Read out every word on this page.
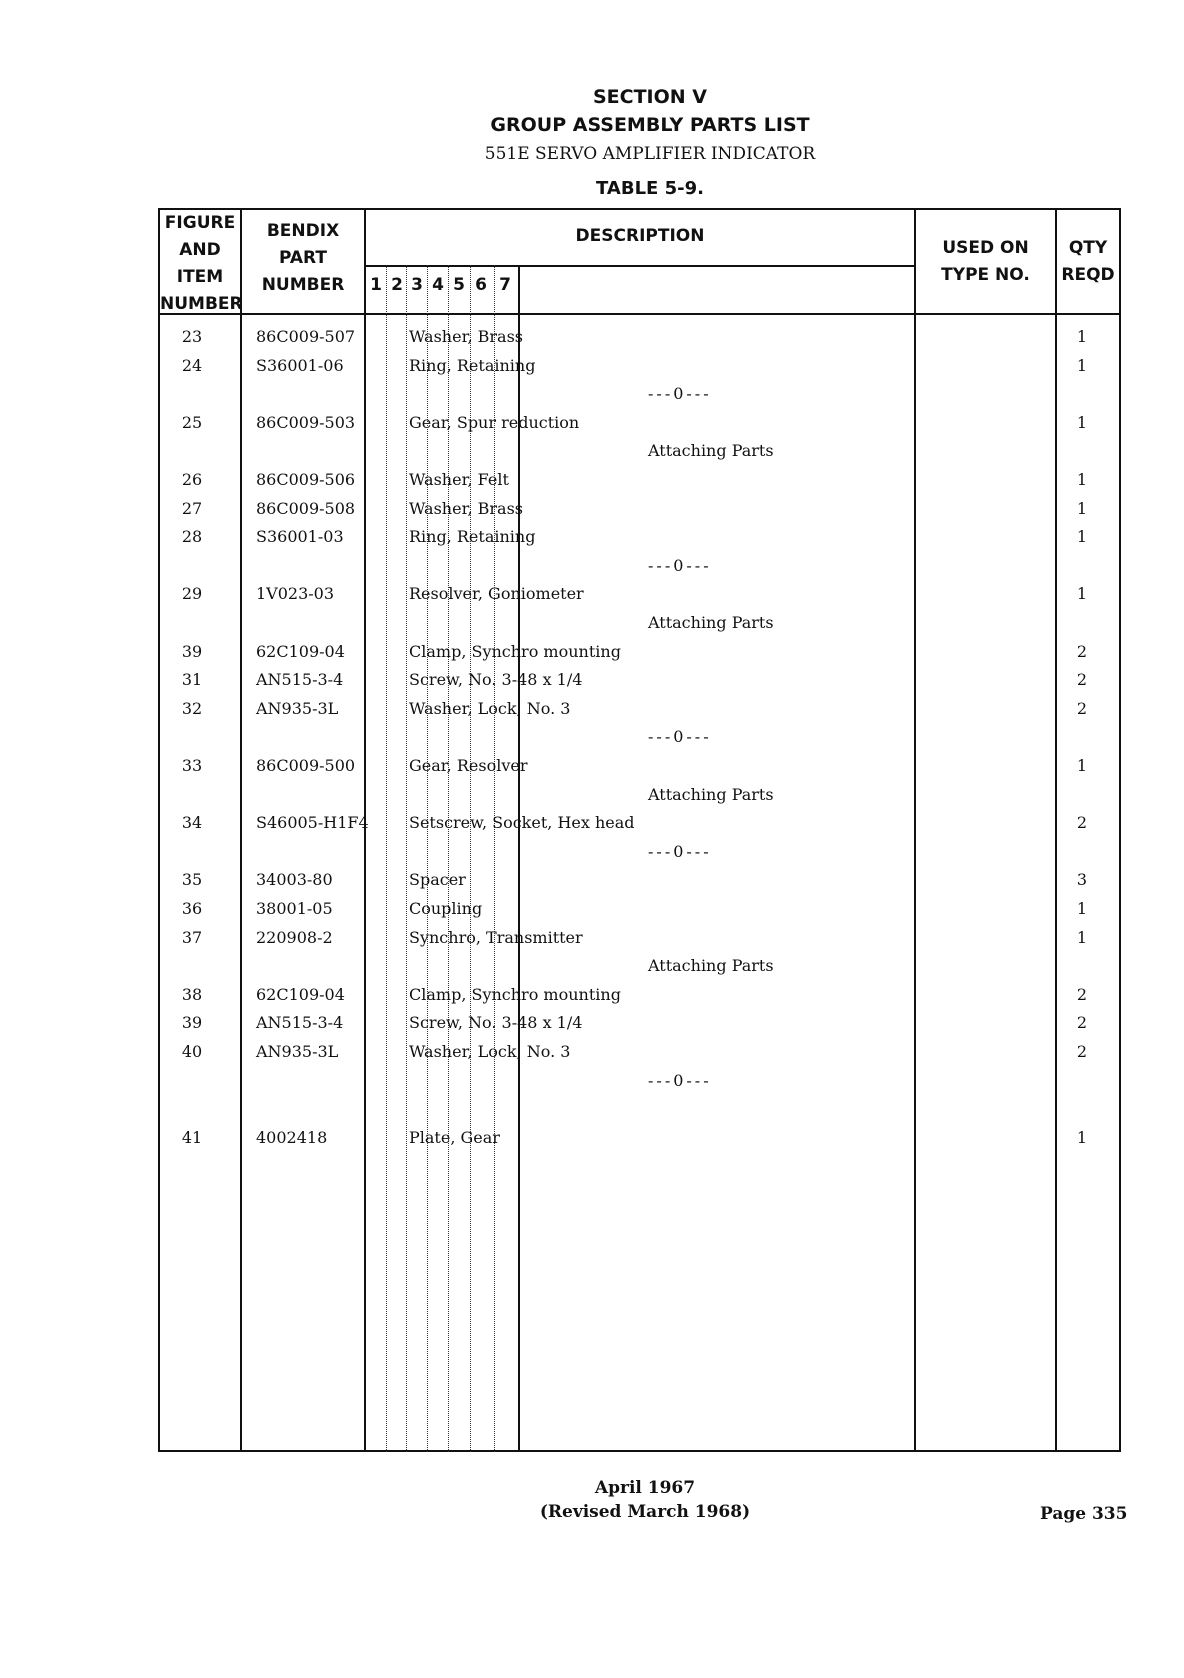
SECTION V
GROUP ASSEMBLY PARTS LIST
551E SERVO AMPLIFIER INDICATOR
TABLE 5-9.
FIGURE
AND
ITEM
NUMBER
BENDIX
PART
NUMBER
DESCRIPTION
USED ON
TYPE NO.
QTY
REQD
1 2 3 4 5 6 7
23	86C009-507	Washer, Brass	1
24	S36001-06	Ring, Retaining	1
---0---
25	86C009-503	Gear, Spur reduction	1
Attaching Parts
26	86C009-506	Washer, Felt	1
27	86C009-508	Washer, Brass	1
28	S36001-03	Ring, Retaining	1
---0---
29	1V023-03	Resolver, Goniometer	1
Attaching Parts
39	62C109-04	Clamp, Synchro mounting	2
31	AN515-3-4	Screw, No. 3-48 x 1/4	2
32	AN935-3L	Washer, Lock, No. 3	2
---0---
33	86C009-500	Gear, Resolver	1
Attaching Parts
34	S46005-H1F4	Setscrew, Socket, Hex head	2
---0---
35	34003-80	Spacer	3
36	38001-05	Coupling	1
37	220908-2	Synchro, Transmitter	1
Attaching Parts
38	62C109-04	Clamp, Synchro mounting	2
39	AN515-3-4	Screw, No. 3-48 x 1/4	2
40	AN935-3L	Washer, Lock, No. 3	2
---0---
41	4002418	Plate, Gear	1
April 1967
(Revised March 1968)	Page 335
